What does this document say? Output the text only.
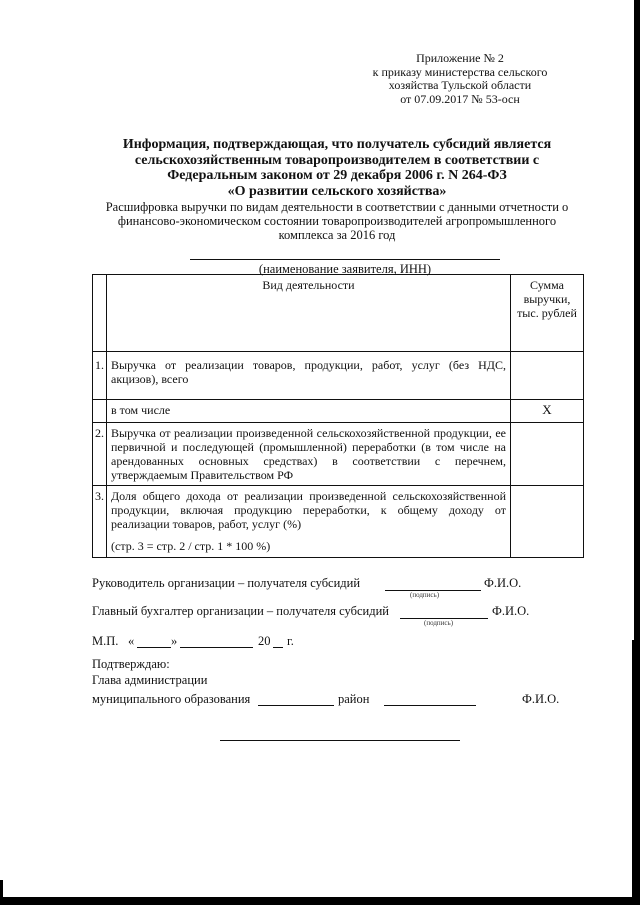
Приложение № 2
к приказу министерства сельского
хозяйства Тульской области
от 07.09.2017 № 53-осн
Информация, подтверждающая, что получатель субсидий является
сельскохозяйственным товаропроизводителем в соответствии с
Федеральным законом от 29 декабря 2006 г. N 264-ФЗ
«О развитии сельского хозяйства»
Расшифровка выручки по видам деятельности в соответствии с данными отчетности о
финансово-экономическом состоянии товаропроизводителей агропромышленного
комплекса за 2016 год
(наименование заявителя, ИНН)
	Вид деятельности	Сумма выручки, тыс. рублей
1.	Выручка от реализации товаров, продукции, работ, услуг (без НДС, акцизов), всего	
	в том числе	X
2.	Выручка от реализации произведенной сельскохозяйственной продукции, ее первичной и последующей (промышленной) переработки (в том числе на арендованных основных средствах) в соответствии с перечнем, утверждаемым Правительством РФ	
3.	Доля общего дохода от реализации произведенной сельскохозяйственной продукции, включая продукцию переработки, к общему доходу от реализации товаров, работ, услуг (%)
(стр. 3 = стр. 2 / стр. 1 * 100 %)	

Руководитель организации – получателя субсидий
(подпись)
Ф.И.О.
Главный бухгалтер организации – получателя субсидий
(подпись)
Ф.И.О.
М.П. «	»	20 г.
Подтверждаю:
Глава администрации
муниципального образования	район	Ф.И.О.
